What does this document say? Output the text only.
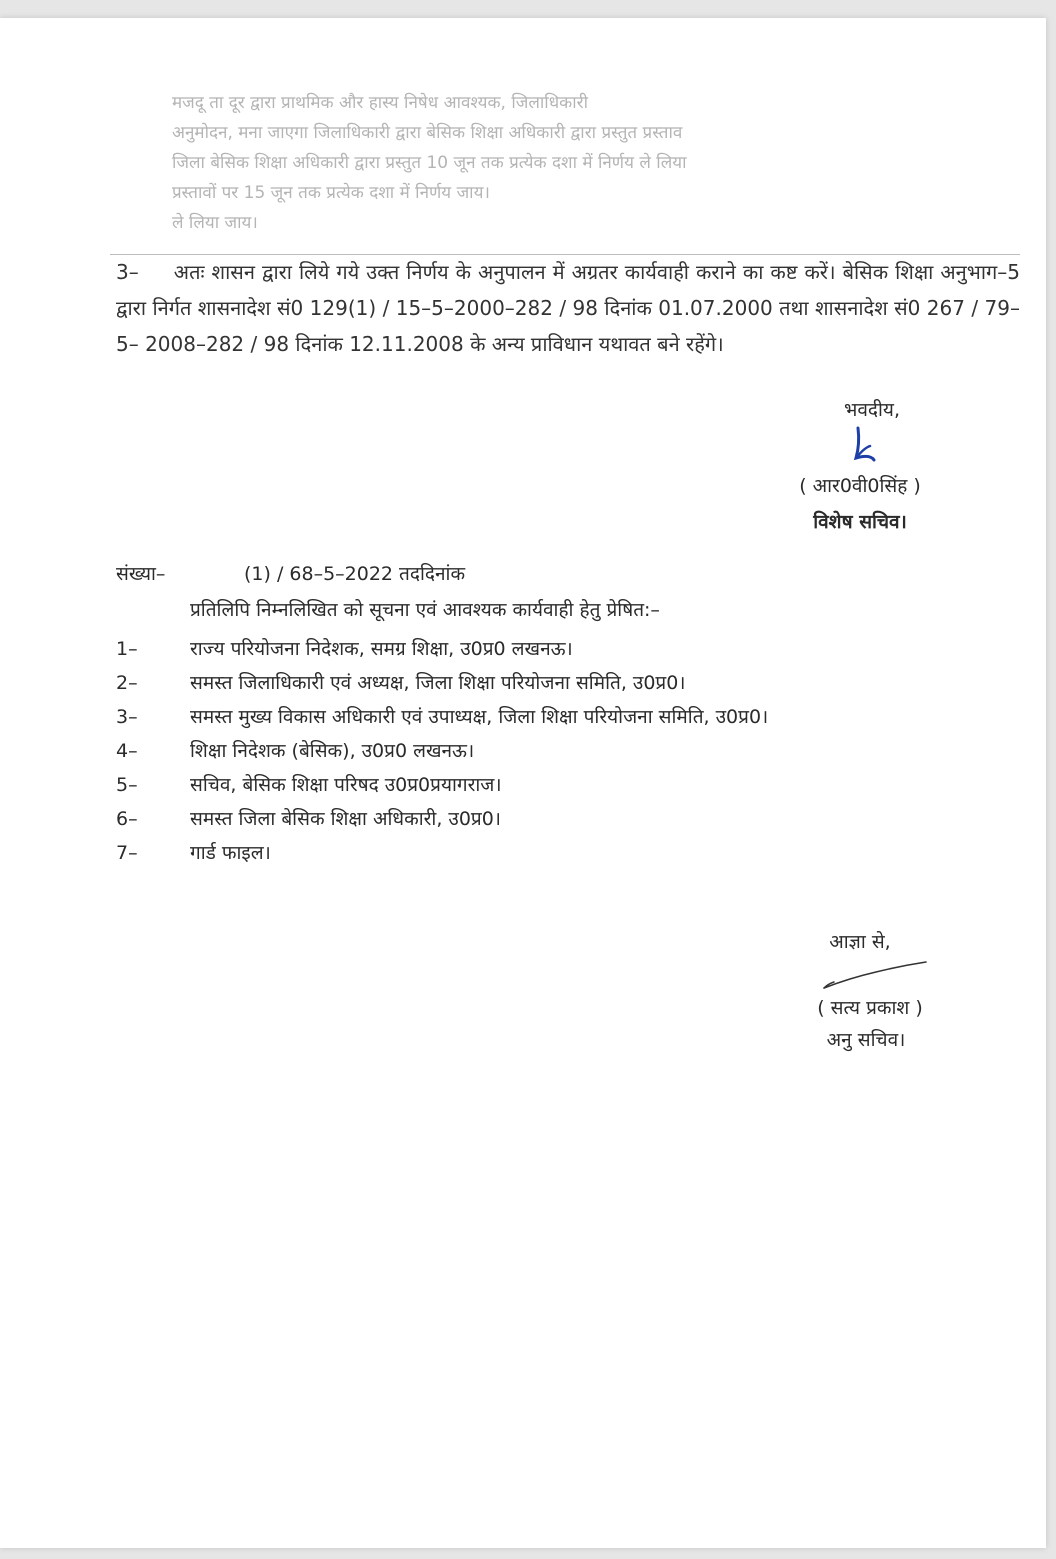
मजदू ता दूर द्वारा प्राथमिक और हास्य निषेध आवश्यक, जिलाधिकारी
अनुमोदन, मना जाएगा जिलाधिकारी द्वारा बेसिक शिक्षा अधिकारी द्वारा प्रस्तुत प्रस्ताव
जिला बेसिक शिक्षा अधिकारी द्वारा प्रस्तुत 10 जून तक प्रत्येक दशा में निर्णय ले लिया
प्रस्तावों पर 15 जून तक प्रत्येक दशा में निर्णय जाय।
ले लिया जाय।
3– अतः शासन द्वारा लिये गये उक्त निर्णय के अनुपालन में अग्रतर कार्यवाही कराने का कष्ट करें। बेसिक शिक्षा अनुभाग–5 द्वारा निर्गत शासनादेश सं0 129(1) / 15–5–2000–282 / 98 दिनांक 01.07.2000 तथा शासनादेश सं0 267 / 79– 5– 2008–282 / 98 दिनांक 12.11.2008 के अन्य प्राविधान यथावत बने रहेंगे।
भवदीय,
( आर0वी0सिंह )
विशेष सचिव।
संख्या–	(1) / 68–5–2022 तददिनांक
प्रतिलिपि निम्नलिखित को सूचना एवं आवश्यक कार्यवाही हेतु प्रेषित:–
1–	राज्य परियोजना निदेशक, समग्र शिक्षा, उ0प्र0 लखनऊ।
2–	समस्त जिलाधिकारी एवं अध्यक्ष, जिला शिक्षा परियोजना समिति, उ0प्र0।
3–	समस्त मुख्य विकास अधिकारी एवं उपाध्यक्ष, जिला शिक्षा परियोजना समिति, उ0प्र0।
4–	शिक्षा निदेशक (बेसिक), उ0प्र0 लखनऊ।
5–	सचिव, बेसिक शिक्षा परिषद उ0प्र0प्रयागराज।
6–	समस्त जिला बेसिक शिक्षा अधिकारी, उ0प्र0।
7–	गार्ड फाइल।
आज्ञा से,
( सत्य प्रकाश )
अनु सचिव।
